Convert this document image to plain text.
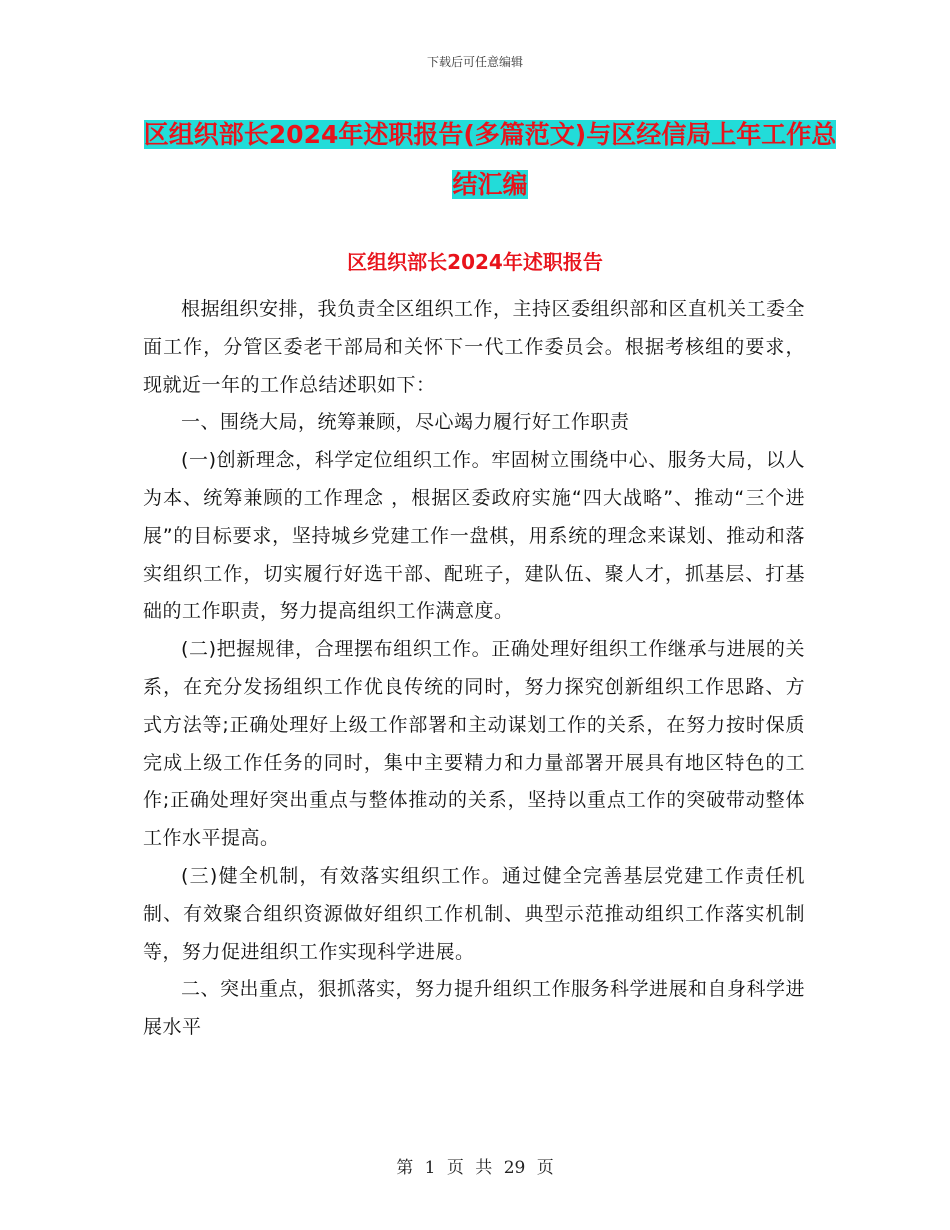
下载后可任意编辑
区组织部长2024年述职报告(多篇范文)与区经信局上年工作总结汇编
区组织部长2024年述职报告

根据组织安排，我负责全区组织工作，主持区委组织部和区直机关工委全面工作，分管区委老干部局和关怀下一代工作委员会。根据考核组的要求，现就近一年的工作总结述职如下：

一、围绕大局，统筹兼顾，尽心竭力履行好工作职责

(一)创新理念，科学定位组织工作。牢固树立围绕中心、服务大局，以人为本、统筹兼顾的工作理念 ，根据区委政府实施“四大战略”、推动“三个进展”的目标要求，坚持城乡党建工作一盘棋，用系统的理念来谋划、推动和落实组织工作，切实履行好选干部、配班子，建队伍、聚人才，抓基层、打基础的工作职责，努力提高组织工作满意度。

(二)把握规律，合理摆布组织工作。正确处理好组织工作继承与进展的关系，在充分发扬组织工作优良传统的同时，努力探究创新组织工作思路、方式方法等;正确处理好上级工作部署和主动谋划工作的关系，在努力按时保质完成上级工作任务的同时，集中主要精力和力量部署开展具有地区特色的工作;正确处理好突出重点与整体推动的关系，坚持以重点工作的突破带动整体工作水平提高。

(三)健全机制，有效落实组织工作。通过健全完善基层党建工作责任机制、有效聚合组织资源做好组织工作机制、典型示范推动组织工作落实机制等，努力促进组织工作实现科学进展。

二、突出重点，狠抓落实，努力提升组织工作服务科学进展和自身科学进展水平

第 1 页 共 29 页
